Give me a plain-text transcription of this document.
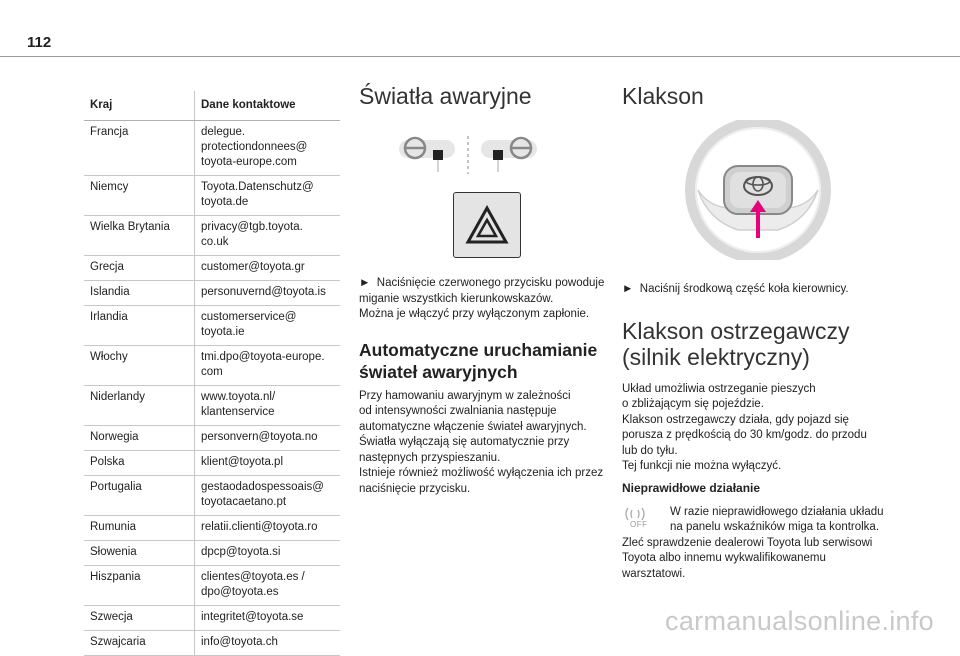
112
Kraj	Dane kontaktowe
Francja	delegue.
protectiondonnees@
toyota-europe.com
Niemcy	Toyota.Datenschutz@
toyota.de
Wielka Brytania	privacy@tgb.toyota.
co.uk
Grecja	customer@toyota.gr
Islandia	personuvernd@toyota.is
Irlandia	customerservice@
toyota.ie
Włochy	tmi.dpo@toyota-europe.
com
Niderlandy	www.toyota.nl/
klantenservice
Norwegia	personvern@toyota.no
Polska	klient@toyota.pl
Portugalia	gestaodadospessoais@
toyotacaetano.pt
Rumunia	relatii.clienti@toyota.ro
Słowenia	dpcp@toyota.si
Hiszpania	clientes@toyota.es /
dpo@toyota.es
Szwecja	integritet@toyota.se
Szwajcaria	info@toyota.ch
Światła awaryjne

► Naciśnięcie czerwonego przycisku powoduje
miganie wszystkich kierunkowskazów.

Można je włączyć przy wyłączonym zapłonie.

Automatyczne uruchamianie
świateł awaryjnych

Przy hamowaniu awaryjnym w zależności
od intensywności zwalniania następuje
automatyczne włączenie świateł awaryjnych.
Światła wyłączają się automatycznie przy
następnych przyspieszaniu.
Istnieje również możliwość wyłączenia ich przez
naciśnięcie przycisku.

Klakson

► Naciśnij środkową część koła kierownicy.

Klakson ostrzegawczy
(silnik elektryczny)

Układ umożliwia ostrzeganie pieszych
o zbliżającym się pojeździe.
Klakson ostrzegawczy działa, gdy pojazd się
porusza z prędkością do 30 km/godz. do przodu
lub do tyłu.
Tej funkcji nie można wyłączyć.

Nieprawidłowe działanie

OFF

W razie nieprawidłowego działania układu
na panelu wskaźników miga ta kontrolka.

Zleć sprawdzenie dealerowi Toyota lub serwisowi
Toyota albo innemu wykwalifikowanemu
warsztatowi.

carmanualsonline.info
